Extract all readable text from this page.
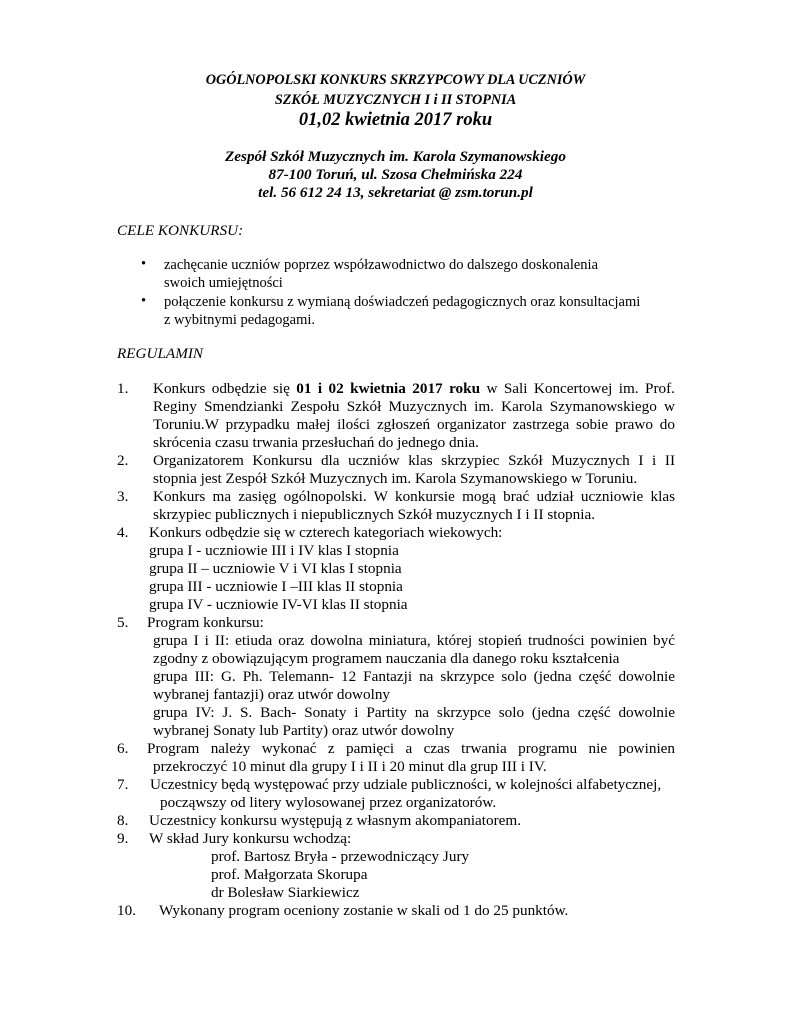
OGÓLNOPOLSKI KONKURS SKRZYPCOWY DLA UCZNIÓW
SZKÓŁ MUZYCZNYCH I i II STOPNIA
01,02 kwietnia 2017 roku
Zespół Szkół Muzycznych im. Karola Szymanowskiego
87-100 Toruń, ul. Szosa Chełmińska 224
tel. 56 612 24 13, sekretariat @ zsm.torun.pl
CELE KONKURSU:
• zachęcanie uczniów poprzez współzawodnictwo do dalszego doskonalenia
swoich umiejętności
• połączenie konkursu z wymianą doświadczeń pedagogicznych oraz konsultacjami
z wybitnymi pedagogami.
REGULAMIN
1. Konkurs odbędzie się 01 i 02 kwietnia 2017 roku w Sali Koncertowej im. Prof.
Reginy Smendzianki Zespołu Szkół Muzycznych im. Karola Szymanowskiego w
Toruniu.W przypadku małej ilości zgłoszeń organizator zastrzega sobie prawo do
skrócenia czasu trwania przesłuchań do jednego dnia.
2. Organizatorem Konkursu dla uczniów klas skrzypiec Szkół Muzycznych I i II
stopnia jest Zespół Szkół Muzycznych im. Karola Szymanowskiego w Toruniu.
3. Konkurs ma zasięg ogólnopolski. W konkursie mogą brać udział uczniowie klas
skrzypiec publicznych i niepublicznych Szkół muzycznych I i II stopnia.
4. Konkurs odbędzie się w czterech kategoriach wiekowych:
grupa I - uczniowie III i IV klas I stopnia
grupa II – uczniowie V i VI klas I stopnia
grupa III - uczniowie I –III klas II stopnia
grupa IV - uczniowie IV-VI klas II stopnia
5. Program konkursu:
grupa I i II: etiuda oraz dowolna miniatura, której stopień trudności powinien być
zgodny z obowiązującym programem nauczania dla danego roku kształcenia
grupa III: G. Ph. Telemann- 12 Fantazji na skrzypce solo (jedna część dowolnie
wybranej fantazji) oraz utwór dowolny
grupa IV: J. S. Bach- Sonaty i Partity na skrzypce solo (jedna część dowolnie
wybranej Sonaty lub Partity) oraz utwór dowolny
6. Program należy wykonać z pamięci a czas trwania programu nie powinien
przekroczyć 10 minut dla grupy I i II i 20 minut dla grup III i IV.
7. Uczestnicy będą występować przy udziale publiczności, w kolejności alfabetycznej,
począwszy od litery wylosowanej przez organizatorów.
8. Uczestnicy konkursu występują z własnym akompaniatorem.
9. W skład Jury konkursu wchodzą:
prof. Bartosz Bryła - przewodniczący Jury
prof. Małgorzata Skorupa
dr Bolesław Siarkiewicz
10. Wykonany program oceniony zostanie w skali od 1 do 25 punktów.
